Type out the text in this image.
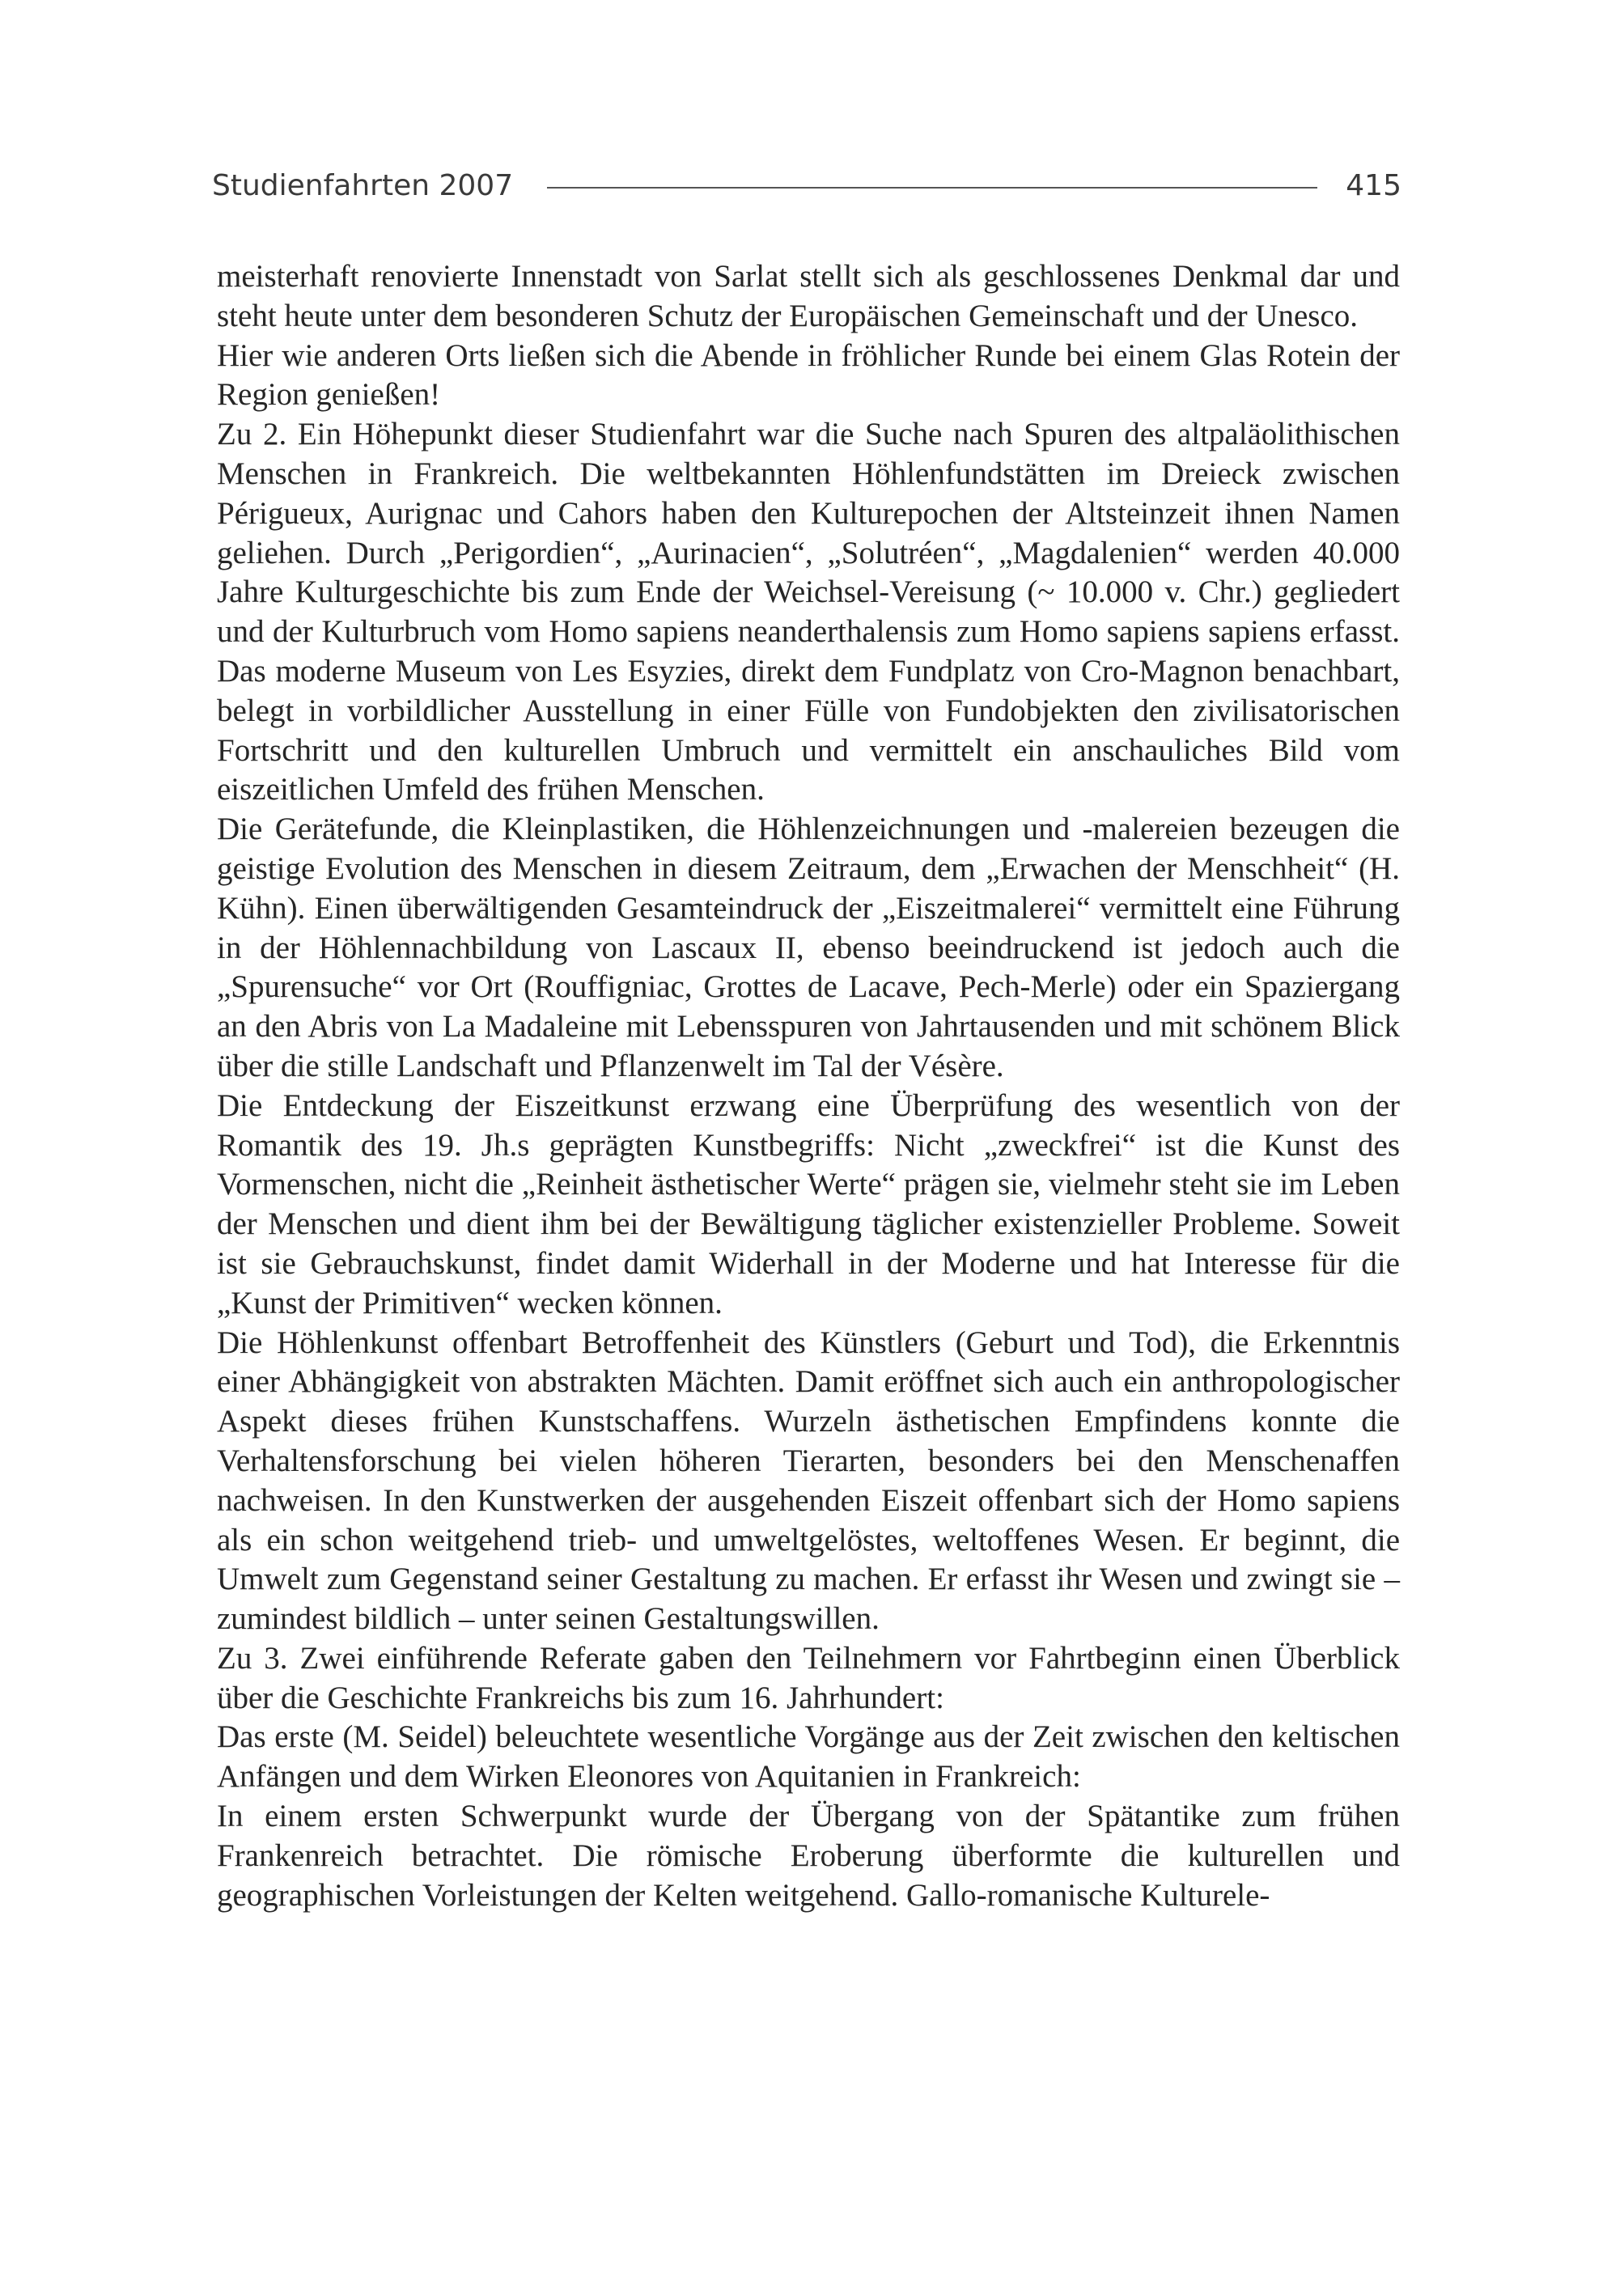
Studienfahrten 2007	415

meisterhaft renovierte Innenstadt von Sarlat stellt sich als geschlossenes Denkmal dar und steht heute unter dem besonderen Schutz der Europäischen Gemeinschaft und der Unesco.

Hier wie anderen Orts ließen sich die Abende in fröhlicher Runde bei einem Glas Rotein der Region genießen!

Zu 2. Ein Höhepunkt dieser Studienfahrt war die Suche nach Spuren des altpaläolithischen Menschen in Frankreich. Die weltbekannten Höhlenfundstätten im Dreieck zwischen Périgueux, Aurignac und Cahors haben den Kulturepochen der Altsteinzeit ihnen Namen geliehen. Durch „Perigordien“, „Aurinacien“, „Solutréen“, „Magdalenien“ werden 40.000 Jahre Kulturgeschichte bis zum Ende der Weichsel-Vereisung (~ 10.000 v. Chr.) gegliedert und der Kulturbruch vom Homo sapiens neanderthalensis zum Homo sapiens sapiens erfasst. Das moderne Museum von Les Esyzies, direkt dem Fundplatz von Cro-Magnon benachbart, belegt in vorbildlicher Ausstellung in einer Fülle von Fundobjekten den zivilisatorischen Fortschritt und den kulturellen Umbruch und vermittelt ein anschauliches Bild vom eiszeitlichen Umfeld des frühen Menschen.

Die Gerätefunde, die Kleinplastiken, die Höhlenzeichnungen und -malereien bezeugen die geistige Evolution des Menschen in diesem Zeitraum, dem „Erwachen der Menschheit“ (H. Kühn). Einen überwältigenden Gesamteindruck der „Eiszeitmalerei“ vermittelt eine Führung in der Höhlennachbildung von Lascaux II, ebenso beeindruckend ist jedoch auch die „Spurensuche“ vor Ort (Rouffigniac, Grottes de Lacave, Pech-Merle) oder ein Spaziergang an den Abris von La Madaleine mit Lebensspuren von Jahrtausenden und mit schönem Blick über die stille Landschaft und Pflanzenwelt im Tal der Vésère.

Die Entdeckung der Eiszeitkunst erzwang eine Überprüfung des wesentlich von der Romantik des 19. Jh.s geprägten Kunstbegriffs: Nicht „zweckfrei“ ist die Kunst des Vormenschen, nicht die „Reinheit ästhetischer Werte“ prägen sie, vielmehr steht sie im Leben der Menschen und dient ihm bei der Bewältigung täglicher existenzieller Probleme. Soweit ist sie Gebrauchskunst, findet damit Widerhall in der Moderne und hat Interesse für die „Kunst der Primitiven“ wecken können.

Die Höhlenkunst offenbart Betroffenheit des Künstlers (Geburt und Tod), die Erkenntnis einer Abhängigkeit von abstrakten Mächten. Damit eröffnet sich auch ein anthropologischer Aspekt dieses frühen Kunstschaffens. Wurzeln ästhetischen Empfindens konnte die Verhaltensforschung bei vielen höheren Tierarten, besonders bei den Menschenaffen nachweisen. In den Kunstwerken der ausgehenden Eiszeit offenbart sich der Homo sapiens als ein schon weitgehend trieb- und umweltgelöstes, weltoffenes Wesen. Er beginnt, die Umwelt zum Gegenstand seiner Gestaltung zu machen. Er erfasst ihr Wesen und zwingt sie – zumindest bildlich – unter seinen Gestaltungswillen.

Zu 3. Zwei einführende Referate gaben den Teilnehmern vor Fahrtbeginn einen Überblick über die Geschichte Frankreichs bis zum 16. Jahrhundert:

Das erste (M. Seidel) beleuchtete wesentliche Vorgänge aus der Zeit zwischen den keltischen Anfängen und dem Wirken Eleonores von Aquitanien in Frankreich:

In einem ersten Schwerpunkt wurde der Übergang von der Spätantike zum frühen Frankenreich betrachtet. Die römische Eroberung überformte die kulturellen und geographischen Vorleistungen der Kelten weitgehend. Gallo-romanische Kulturele-
